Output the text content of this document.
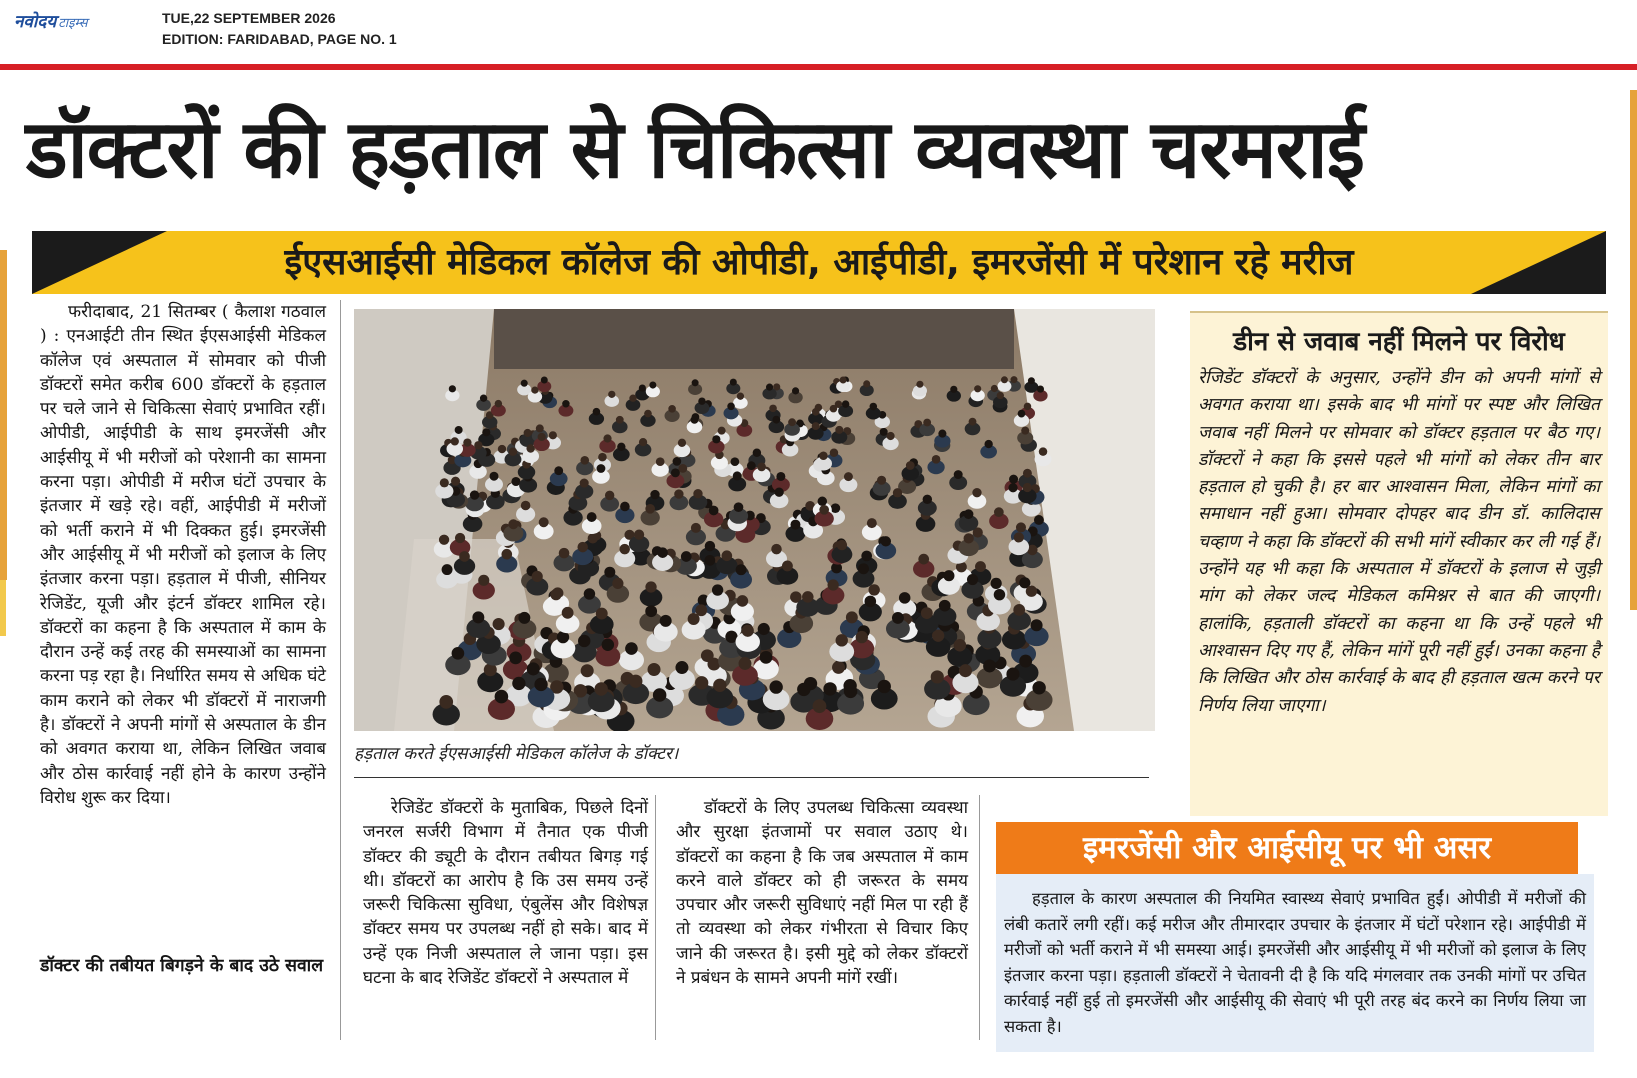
नवोदय टाइम्स	TUE,22 SEPTEMBER 2026
EDITION: FARIDABAD, PAGE NO. 1
डॉक्टरों की हड़ताल से चिकित्सा व्यवस्था चरमराई
ईएसआईसी मेडिकल कॉलेज की ओपीडी, आईपीडी, इमरजेंसी में परेशान रहे मरीज

फरीदाबाद, 21 सितम्बर ( कैलाश गठवाल ) : एनआईटी तीन स्थित ईएसआईसी मेडिकल कॉलेज एवं अस्पताल में सोमवार को पीजी डॉक्टरों समेत करीब 600 डॉक्टरों के हड़ताल पर चले जाने से चिकित्सा सेवाएं प्रभावित रहीं। ओपीडी, आईपीडी के साथ इमरजेंसी और आईसीयू में भी मरीजों को परेशानी का सामना करना पड़ा। ओपीडी में मरीज घंटों उपचार के इंतजार में खड़े रहे। वहीं, आईपीडी में मरीजों को भर्ती कराने में भी दिक्कत हुई। इमरजेंसी और आईसीयू में भी मरीजों को इलाज के लिए इंतजार करना पड़ा। हड़ताल में पीजी, सीनियर रेजिडेंट, यूजी और इंटर्न डॉक्टर शामिल रहे। डॉक्टरों का कहना है कि अस्पताल में काम के दौरान उन्हें कई तरह की समस्याओं का सामना करना पड़ रहा है। निर्धारित समय से अधिक घंटे काम कराने को लेकर भी डॉक्टरों में नाराजगी है। डॉक्टरों ने अपनी मांगों से अस्पताल के डीन को अवगत कराया था, लेकिन लिखित जवाब और ठोस कार्रवाई नहीं होने के कारण उन्होंने विरोध शुरू कर दिया।

डॉक्टर की तबीयत बिगड़ने के बाद उठे सवाल
हड़ताल करते ईएसआईसी मेडिकल कॉलेज के डॉक्टर।

रेजिडेंट डॉक्टरों के मुताबिक, पिछले दिनों जनरल सर्जरी विभाग में तैनात एक पीजी डॉक्टर की ड्यूटी के दौरान तबीयत बिगड़ गई थी। डॉक्टरों का आरोप है कि उस समय उन्हें जरूरी चिकित्सा सुविधा, एंबुलेंस और विशेषज्ञ डॉक्टर समय पर उपलब्ध नहीं हो सके। बाद में उन्हें एक निजी अस्पताल ले जाना पड़ा। इस घटना के बाद रेजिडेंट डॉक्टरों ने अस्पताल में

डॉक्टरों के लिए उपलब्ध चिकित्सा व्यवस्था और सुरक्षा इंतजामों पर सवाल उठाए थे। डॉक्टरों का कहना है कि जब अस्पताल में काम करने वाले डॉक्टर को ही जरूरत के समय उपचार और जरूरी सुविधाएं नहीं मिल पा रही हैं तो व्यवस्था को लेकर गंभीरता से विचार किए जाने की जरूरत है। इसी मुद्दे को लेकर डॉक्टरों ने प्रबंधन के सामने अपनी मांगें रखीं।

डीन से जवाब नहीं मिलने पर विरोध
रेजिडेंट डॉक्टरों के अनुसार, उन्होंने डीन को अपनी मांगों से अवगत कराया था। इसके बाद भी मांगों पर स्पष्ट और लिखित जवाब नहीं मिलने पर सोमवार को डॉक्टर हड़ताल पर बैठ गए। डॉक्टरों ने कहा कि इससे पहले भी मांगों को लेकर तीन बार हड़ताल हो चुकी है। हर बार आश्वासन मिला, लेकिन मांगों का समाधान नहीं हुआ। सोमवार दोपहर बाद डीन डॉ. कालिदास चव्हाण ने कहा कि डॉक्टरों की सभी मांगें स्वीकार कर ली गई हैं। उन्होंने यह भी कहा कि अस्पताल में डॉक्टरों के इलाज से जुड़ी मांग को लेकर जल्द मेडिकल कमिश्नर से बात की जाएगी। हालांकि, हड़ताली डॉक्टरों का कहना था कि उन्हें पहले भी आश्वासन दिए गए हैं, लेकिन मांगें पूरी नहीं हुईं। उनका कहना है कि लिखित और ठोस कार्रवाई के बाद ही हड़ताल खत्म करने पर निर्णय लिया जाएगा।
इमरजेंसी और आईसीयू पर भी असर

हड़ताल के कारण अस्पताल की नियमित स्वास्थ्य सेवाएं प्रभावित हुईं। ओपीडी में मरीजों की लंबी कतारें लगी रहीं। कई मरीज और तीमारदार उपचार के इंतजार में घंटों परेशान रहे। आईपीडी में मरीजों को भर्ती कराने में भी समस्या आई। इमरजेंसी और आईसीयू में भी मरीजों को इलाज के लिए इंतजार करना पड़ा। हड़ताली डॉक्टरों ने चेतावनी दी है कि यदि मंगलवार तक उनकी मांगों पर उचित कार्रवाई नहीं हुई तो इमरजेंसी और आईसीयू की सेवाएं भी पूरी तरह बंद करने का निर्णय लिया जा सकता है।
